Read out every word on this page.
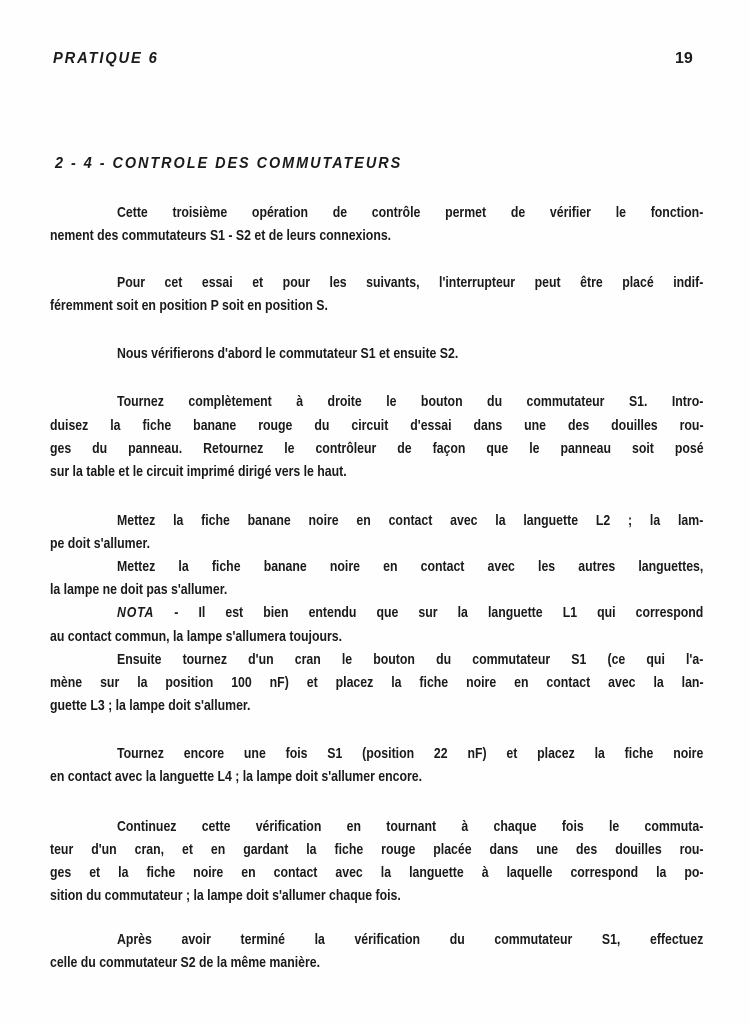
PRATIQUE 6	19
2 - 4 - CONTROLE DES COMMUTATEURS
Cette troisième opération de contrôle permet de vérifier le fonction-
nement des commutateurs S1 - S2 et de leurs connexions.
Pour cet essai et pour les suivants, l'interrupteur peut être placé indif-
féremment soit en position P soit en position S.
Nous vérifierons d'abord le commutateur S1 et ensuite S2.
Tournez complètement à droite le bouton du commutateur S1. Intro-
duisez la fiche banane rouge du circuit d'essai dans une des douilles rou-
ges du panneau. Retournez le contrôleur de façon que le panneau soit posé
sur la table et le circuit imprimé dirigé vers le haut.
Mettez la fiche banane noire en contact avec la languette L2 ; la lam-
pe doit s'allumer.
Mettez la fiche banane noire en contact avec les autres languettes,
la lampe ne doit pas s'allumer.
NOTA - Il est bien entendu que sur la languette L1 qui correspond
au contact commun, la lampe s'allumera toujours.
Ensuite tournez d'un cran le bouton du commutateur S1 (ce qui l'a-
mène sur la position 100 nF) et placez la fiche noire en contact avec la lan-
guette L3 ; la lampe doit s'allumer.
Tournez encore une fois S1 (position 22 nF) et placez la fiche noire
en contact avec la languette L4 ; la lampe doit s'allumer encore.
Continuez cette vérification en tournant à chaque fois le commuta-
teur d'un cran, et en gardant la fiche rouge placée dans une des douilles rou-
ges et la fiche noire en contact avec la languette à laquelle correspond la po-
sition du commutateur ; la lampe doit s'allumer chaque fois.
Après avoir terminé la vérification du commutateur S1, effectuez
celle du commutateur S2 de la même manière.
